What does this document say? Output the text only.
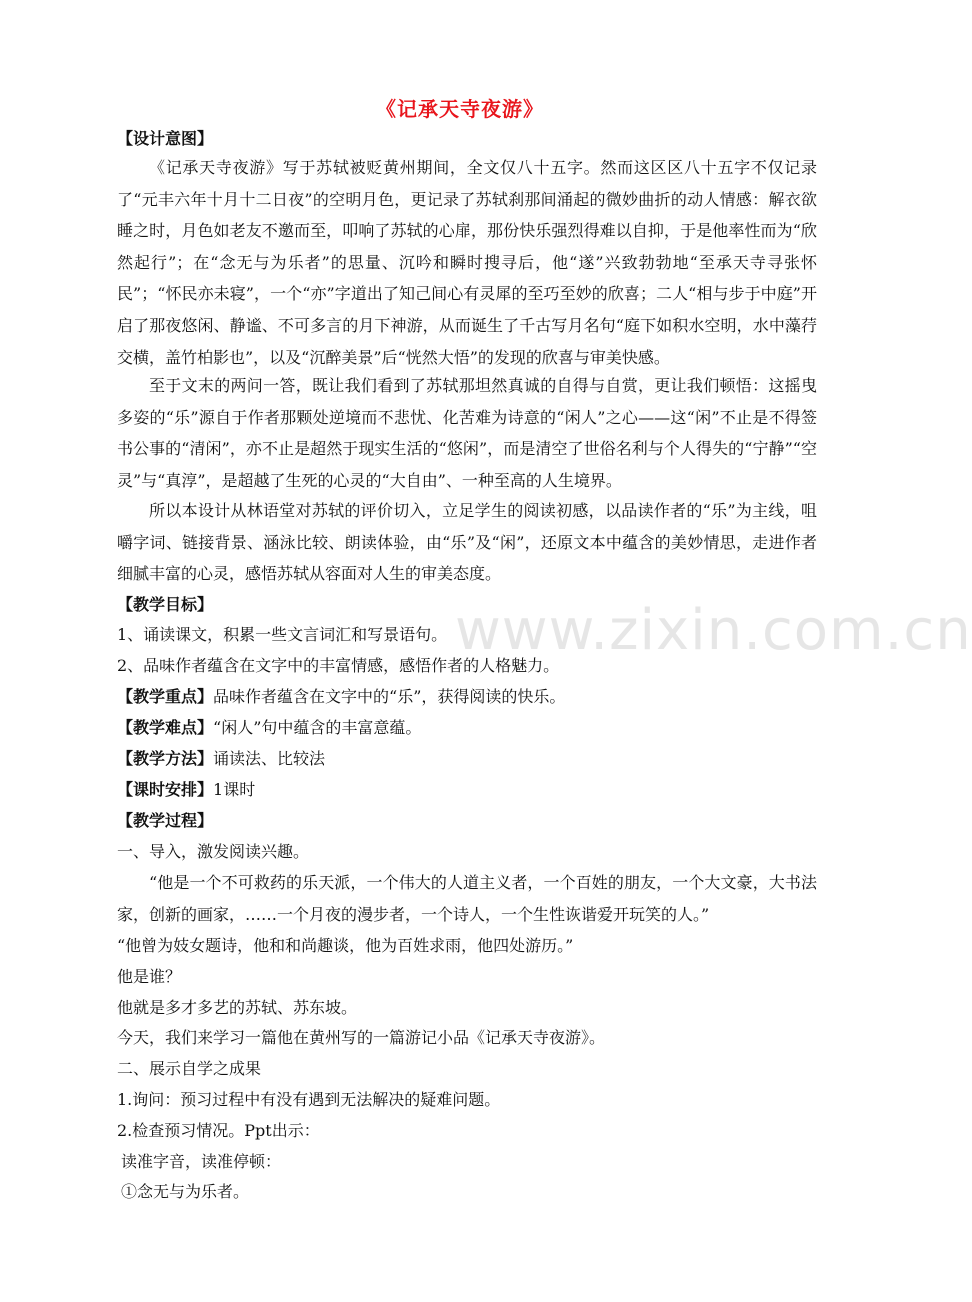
www.zixin.com.cn
《记承天寺夜游》
【设计意图】
《记承天寺夜游》写于苏轼被贬黄州期间，全文仅八十五字。然而这区区八十五字不仅记录了“元丰六年十月十二日夜”的空明月色，更记录了苏轼刹那间涌起的微妙曲折的动人情感：解衣欲睡之时，月色如老友不邀而至，叩响了苏轼的心扉，那份快乐强烈得难以自抑，于是他率性而为“欣然起行”；在“念无与为乐者”的思量、沉吟和瞬时搜寻后，他“遂”兴致勃勃地“至承天寺寻张怀民”；“怀民亦未寝”，一个“亦”字道出了知己间心有灵犀的至巧至妙的欣喜；二人“相与步于中庭”开启了那夜悠闲、静谧、不可多言的月下神游，从而诞生了千古写月名句“庭下如积水空明，水中藻荇交横，盖竹柏影也”，以及“沉醉美景”后“恍然大悟”的发现的欣喜与审美快感。
至于文末的两问一答，既让我们看到了苏轼那坦然真诚的自得与自赏，更让我们顿悟：这摇曳多姿的“乐”源自于作者那颗处逆境而不悲忧、化苦难为诗意的“闲人”之心——这“闲”不止是不得签书公事的“清闲”，亦不止是超然于现实生活的“悠闲”，而是清空了世俗名利与个人得失的“宁静”“空灵”与“真淳”，是超越了生死的心灵的“大自由”、一种至高的人生境界。
所以本设计从林语堂对苏轼的评价切入，立足学生的阅读初感，以品读作者的“乐”为主线，咀嚼字词、链接背景、涵泳比较、朗读体验，由“乐”及“闲”，还原文本中蕴含的美妙情思，走进作者细腻丰富的心灵，感悟苏轼从容面对人生的审美态度。
【教学目标】
1、诵读课文，积累一些文言词汇和写景语句。
2、品味作者蕴含在文字中的丰富情感，感悟作者的人格魅力。
【教学重点】品味作者蕴含在文字中的“乐”，获得阅读的快乐。
【教学难点】“闲人”句中蕴含的丰富意蕴。
【教学方法】诵读法、比较法
【课时安排】1课时
【教学过程】
一、导入，激发阅读兴趣。
“他是一个不可救药的乐天派，一个伟大的人道主义者，一个百姓的朋友，一个大文豪，大书法家，创新的画家，……一个月夜的漫步者，一个诗人，一个生性诙谐爱开玩笑的人。”
“他曾为妓女题诗，他和和尚趣谈，他为百姓求雨，他四处游历。”
他是谁？
他就是多才多艺的苏轼、苏东坡。
今天，我们来学习一篇他在黄州写的一篇游记小品《记承天寺夜游》。
二、展示自学之成果
1.询问：预习过程中有没有遇到无法解决的疑难问题。
2.检查预习情况。Ppt出示：
读准字音，读准停顿：
①念无与为乐者。
